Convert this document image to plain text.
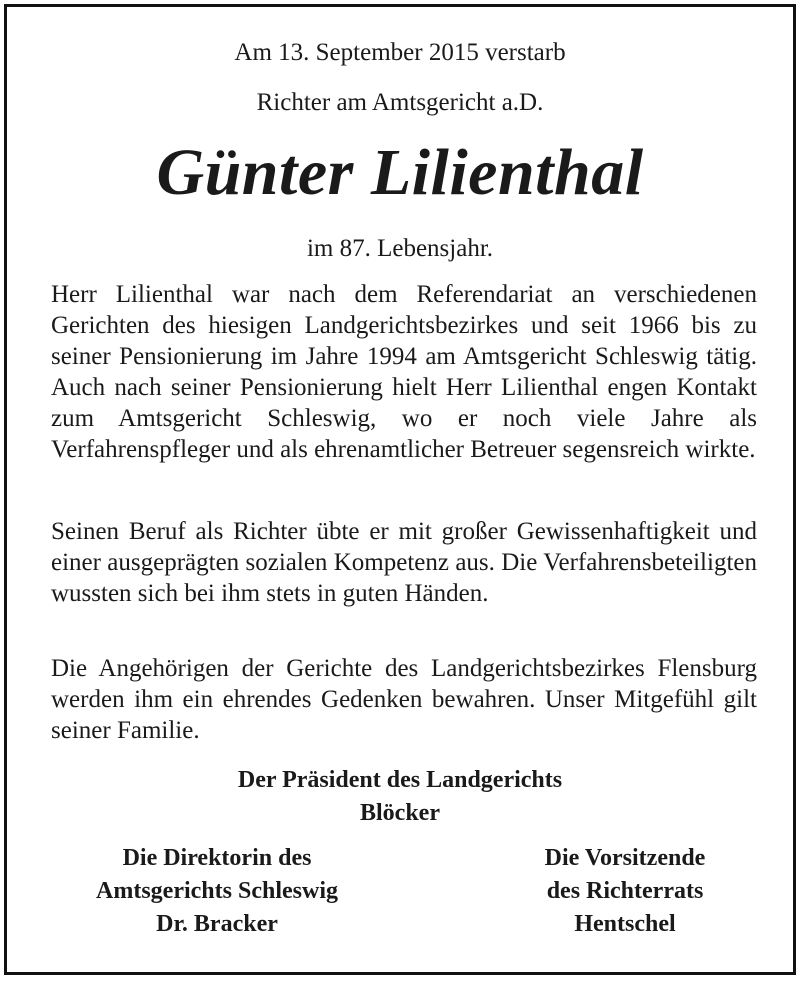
Am 13. September 2015 verstarb
Richter am Amtsgericht a.D.
Günter Lilienthal
im 87. Lebensjahr.
Herr Lilienthal war nach dem Referendariat an verschiedenen Gerichten des hiesigen Landgerichtsbezirkes und seit 1966 bis zu seiner Pensionierung im Jahre 1994 am Amtsgericht Schleswig tätig. Auch nach seiner Pensionierung hielt Herr Lilienthal engen Kontakt zum Amtsgericht Schleswig, wo er noch viele Jahre als Verfahrenspfleger und als ehrenamtlicher Betreuer segensreich wirkte.
Seinen Beruf als Richter übte er mit großer Gewissenhaftigkeit und einer ausgeprägten sozialen Kompetenz aus. Die Verfahrensbeteiligten wussten sich bei ihm stets in guten Händen.
Die Angehörigen der Gerichte des Landgerichtsbezirkes Flensburg werden ihm ein ehrendes Gedenken bewahren. Unser Mitgefühl gilt seiner Familie.
Der Präsident des Landgerichts
Blöcker
Die Direktorin des
Amtsgerichts Schleswig
Dr. Bracker
Die Vorsitzende
des Richterrats
Hentschel
